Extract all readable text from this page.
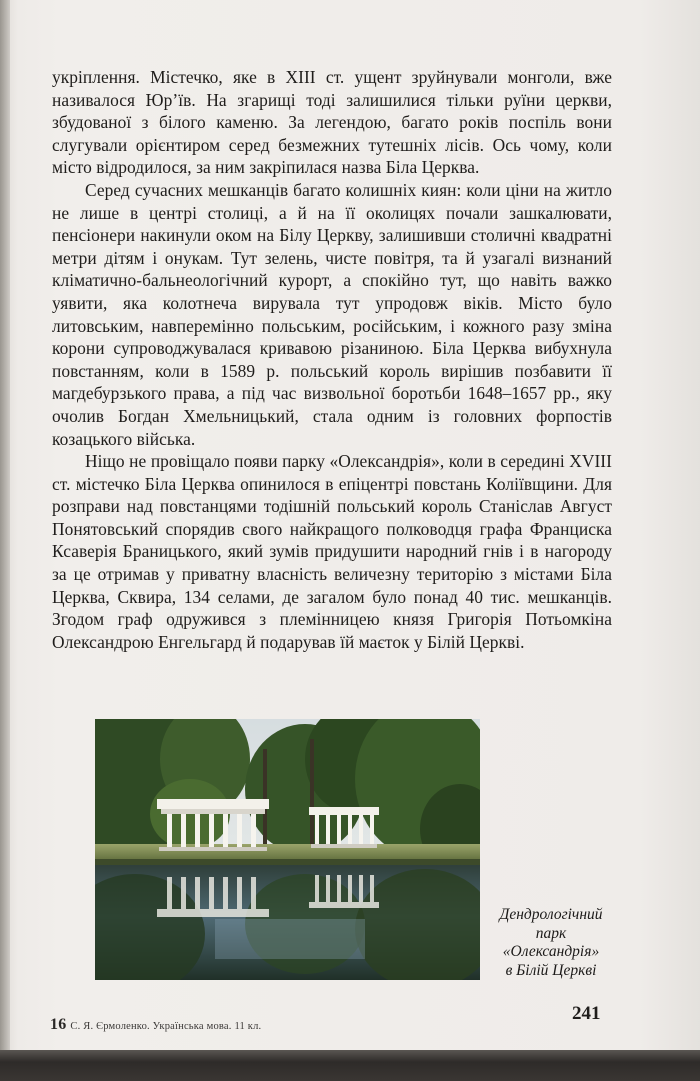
укріплення. Містечко, яке в XIII ст. ущент зруйнували монголи, вже називалося Юр’їв. На згарищі тоді залишилися тільки руїни церкви, збудованої з білого каменю. За легендою, багато років поспіль вони слугували орієнтиром серед безмежних тутешніх лісів. Ось чому, коли місто відродилося, за ним закріпилася назва Біла Церква.

Серед сучасних мешканців багато колишніх киян: коли ціни на житло не лише в центрі столиці, а й на її околицях почали зашкалювати, пенсіонери накинули оком на Білу Церкву, залишивши столичні квадратні метри дітям і онукам. Тут зелень, чисте повітря, та й узагалі визнаний кліматично-бальнеологічний курорт, а спокійно тут, що навіть важко уявити, яка колотнеча вирувала тут упродовж віків. Місто було литовським, навперемінно польським, російським, і кожного разу зміна корони супроводжувалася кривавою різаниною. Біла Церква вибухнула повстанням, коли в 1589 р. польський король вирішив позбавити її магдебурзького права, а під час визвольної боротьби 1648–1657 рр., яку очолив Богдан Хмельницький, стала одним із головних форпостів козацького війська.

Ніщо не провіщало появи парку «Олександрія», коли в середині XVIII ст. містечко Біла Церква опинилося в епіцентрі повстань Коліївщини. Для розправи над повстанцями тодішній польський король Станіслав Август Понятовський спорядив свого найкращого полководця графа Франциска Ксаверія Браницького, який зумів придушити народний гнів і в нагороду за це отримав у приватну власність величезну територію з містами Біла Церква, Сквира, 134 селами, де загалом було понад 40 тис. мешканців. Згодом граф одружився з племінницею князя Григорія Потьомкіна Олександрою Енгельгард й подарував їй маєток у Білій Церкві.

Дендрологічний
парк
«Олександрія»
в Білій Церкві
16 С. Я. Єрмоленко. Українська мова. 11 кл.
241
